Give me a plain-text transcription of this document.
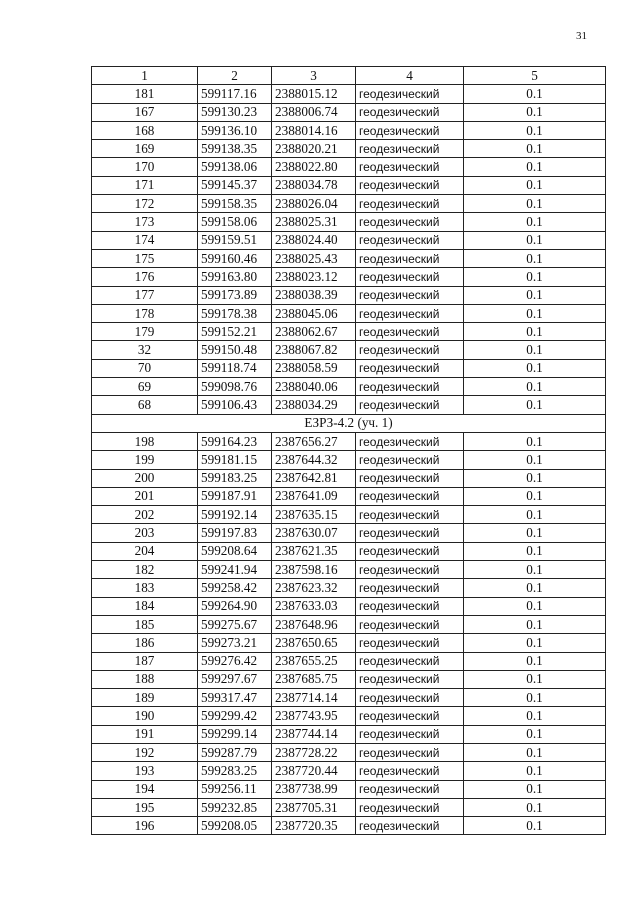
31
1	2	3	4	5
181	599117.16	2388015.12	геодезический	0.1
167	599130.23	2388006.74	геодезический	0.1
168	599136.10	2388014.16	геодезический	0.1
169	599138.35	2388020.21	геодезический	0.1
170	599138.06	2388022.80	геодезический	0.1
171	599145.37	2388034.78	геодезический	0.1
172	599158.35	2388026.04	геодезический	0.1
173	599158.06	2388025.31	геодезический	0.1
174	599159.51	2388024.40	геодезический	0.1
175	599160.46	2388025.43	геодезический	0.1
176	599163.80	2388023.12	геодезический	0.1
177	599173.89	2388038.39	геодезический	0.1
178	599178.38	2388045.06	геодезический	0.1
179	599152.21	2388062.67	геодезический	0.1
32	599150.48	2388067.82	геодезический	0.1
70	599118.74	2388058.59	геодезический	0.1
69	599098.76	2388040.06	геодезический	0.1
68	599106.43	2388034.29	геодезический	0.1
ЕЗРЗ-4.2 (уч. 1)				
198	599164.23	2387656.27	геодезический	0.1
199	599181.15	2387644.32	геодезический	0.1
200	599183.25	2387642.81	геодезический	0.1
201	599187.91	2387641.09	геодезический	0.1
202	599192.14	2387635.15	геодезический	0.1
203	599197.83	2387630.07	геодезический	0.1
204	599208.64	2387621.35	геодезический	0.1
182	599241.94	2387598.16	геодезический	0.1
183	599258.42	2387623.32	геодезический	0.1
184	599264.90	2387633.03	геодезический	0.1
185	599275.67	2387648.96	геодезический	0.1
186	599273.21	2387650.65	геодезический	0.1
187	599276.42	2387655.25	геодезический	0.1
188	599297.67	2387685.75	геодезический	0.1
189	599317.47	2387714.14	геодезический	0.1
190	599299.42	2387743.95	геодезический	0.1
191	599299.14	2387744.14	геодезический	0.1
192	599287.79	2387728.22	геодезический	0.1
193	599283.25	2387720.44	геодезический	0.1
194	599256.11	2387738.99	геодезический	0.1
195	599232.85	2387705.31	геодезический	0.1
196	599208.05	2387720.35	геодезический	0.1
